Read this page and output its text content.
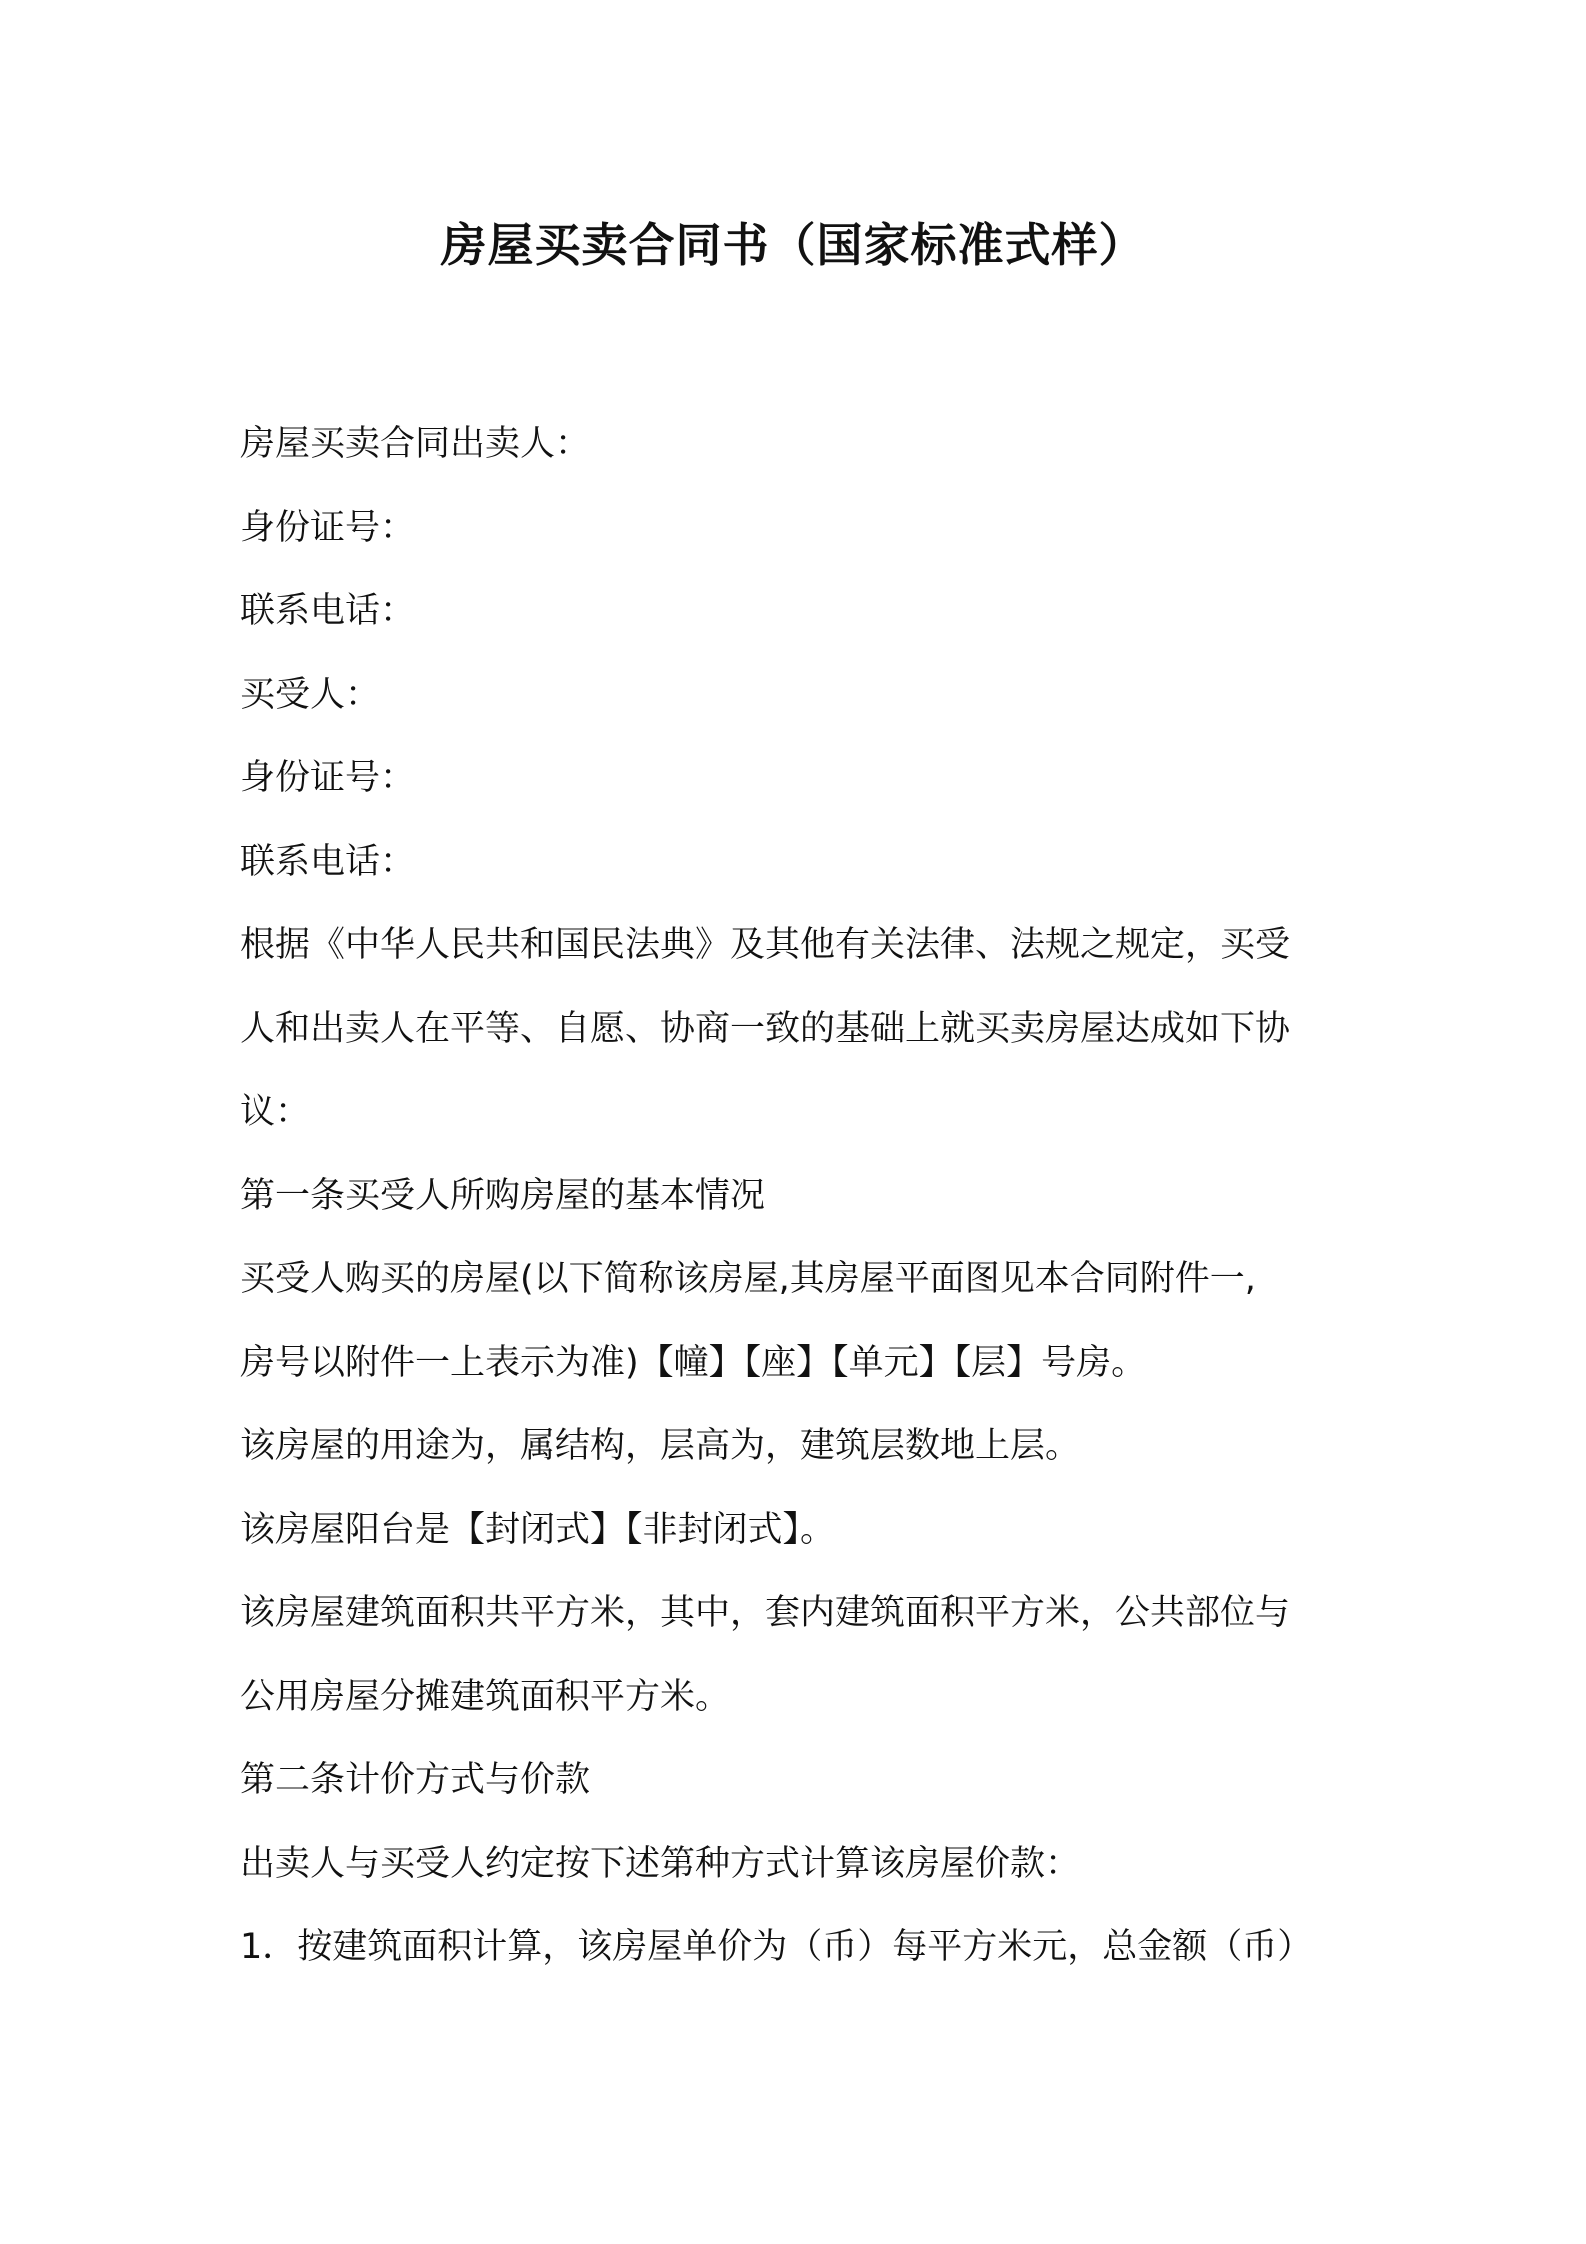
房屋买卖合同书（国家标准式样）
房屋买卖合同出卖人：
身份证号：
联系电话：
买受人：
身份证号：
联系电话：
根据《中华人民共和国民法典》及其他有关法律、法规之规定，买受
人和出卖人在平等、自愿、协商一致的基础上就买卖房屋达成如下协
议：
第一条买受人所购房屋的基本情况
买受人购买的房屋(以下简称该房屋,其房屋平面图见本合同附件一,
房号以附件一上表示为准)【幢】【座】【单元】【层】号房。
该房屋的用途为，属结构，层高为，建筑层数地上层。
该房屋阳台是【封闭式】【非封闭式】。
该房屋建筑面积共平方米，其中，套内建筑面积平方米，公共部位与
公用房屋分摊建筑面积平方米。
第二条计价方式与价款
出卖人与买受人约定按下述第种方式计算该房屋价款：
1．按建筑面积计算，该房屋单价为（币）每平方米元，总金额（币）
